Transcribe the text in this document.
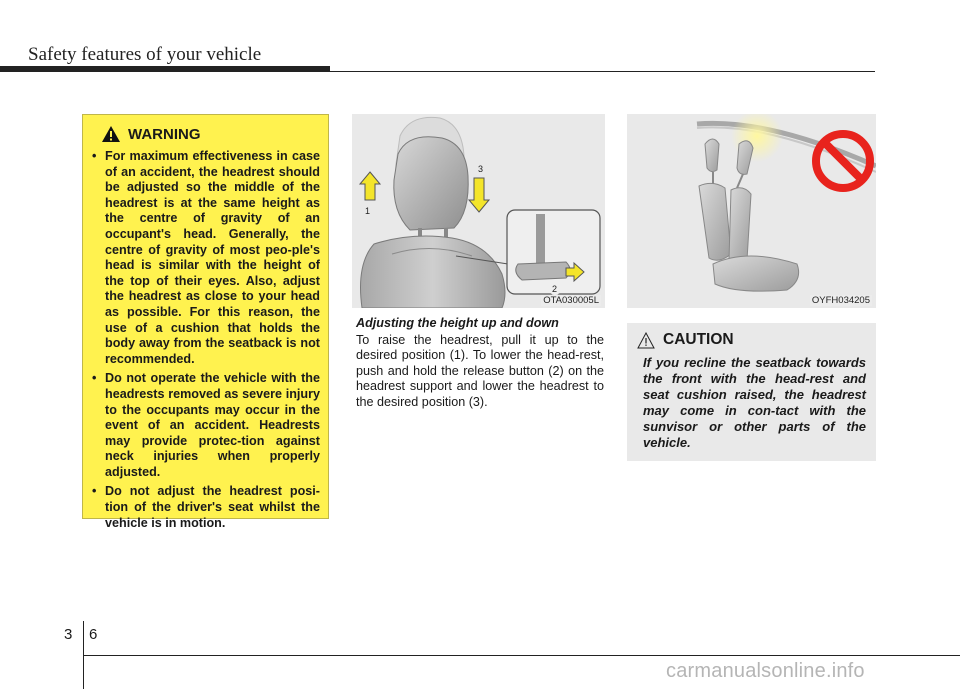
Safety features of your vehicle
WARNING
• For maximum effectiveness in case of an accident, the headrest should be adjusted so the middle of the headrest is at the same height as the centre of gravity of an occupant's head. Generally, the centre of gravity of most peo-ple's head is similar with the height of the top of their eyes. Also, adjust the headrest as close to your head as possible. For this reason, the use of a cushion that holds the body away from the seatback is not recommended.
• Do not operate the vehicle with the headrests removed as severe injury to the occupants may occur in the event of an accident. Headrests may provide protec-tion against neck injuries when properly adjusted.
• Do not adjust the headrest posi-tion of the driver's seat whilst the vehicle is in motion.
1
3
2
OTA030005L	OYFH034205
Adjusting the height up and down
To raise the headrest, pull it up to the desired position (1). To lower the head-rest, push and hold the release button (2) on the headrest support and lower the headrest to the desired position (3).
CAUTION
If you recline the seatback towards the front with the head-rest and seat cushion raised, the headrest may come in con-tact with the sunvisor or other parts of the vehicle.
3 6
carmanualsonline.info
